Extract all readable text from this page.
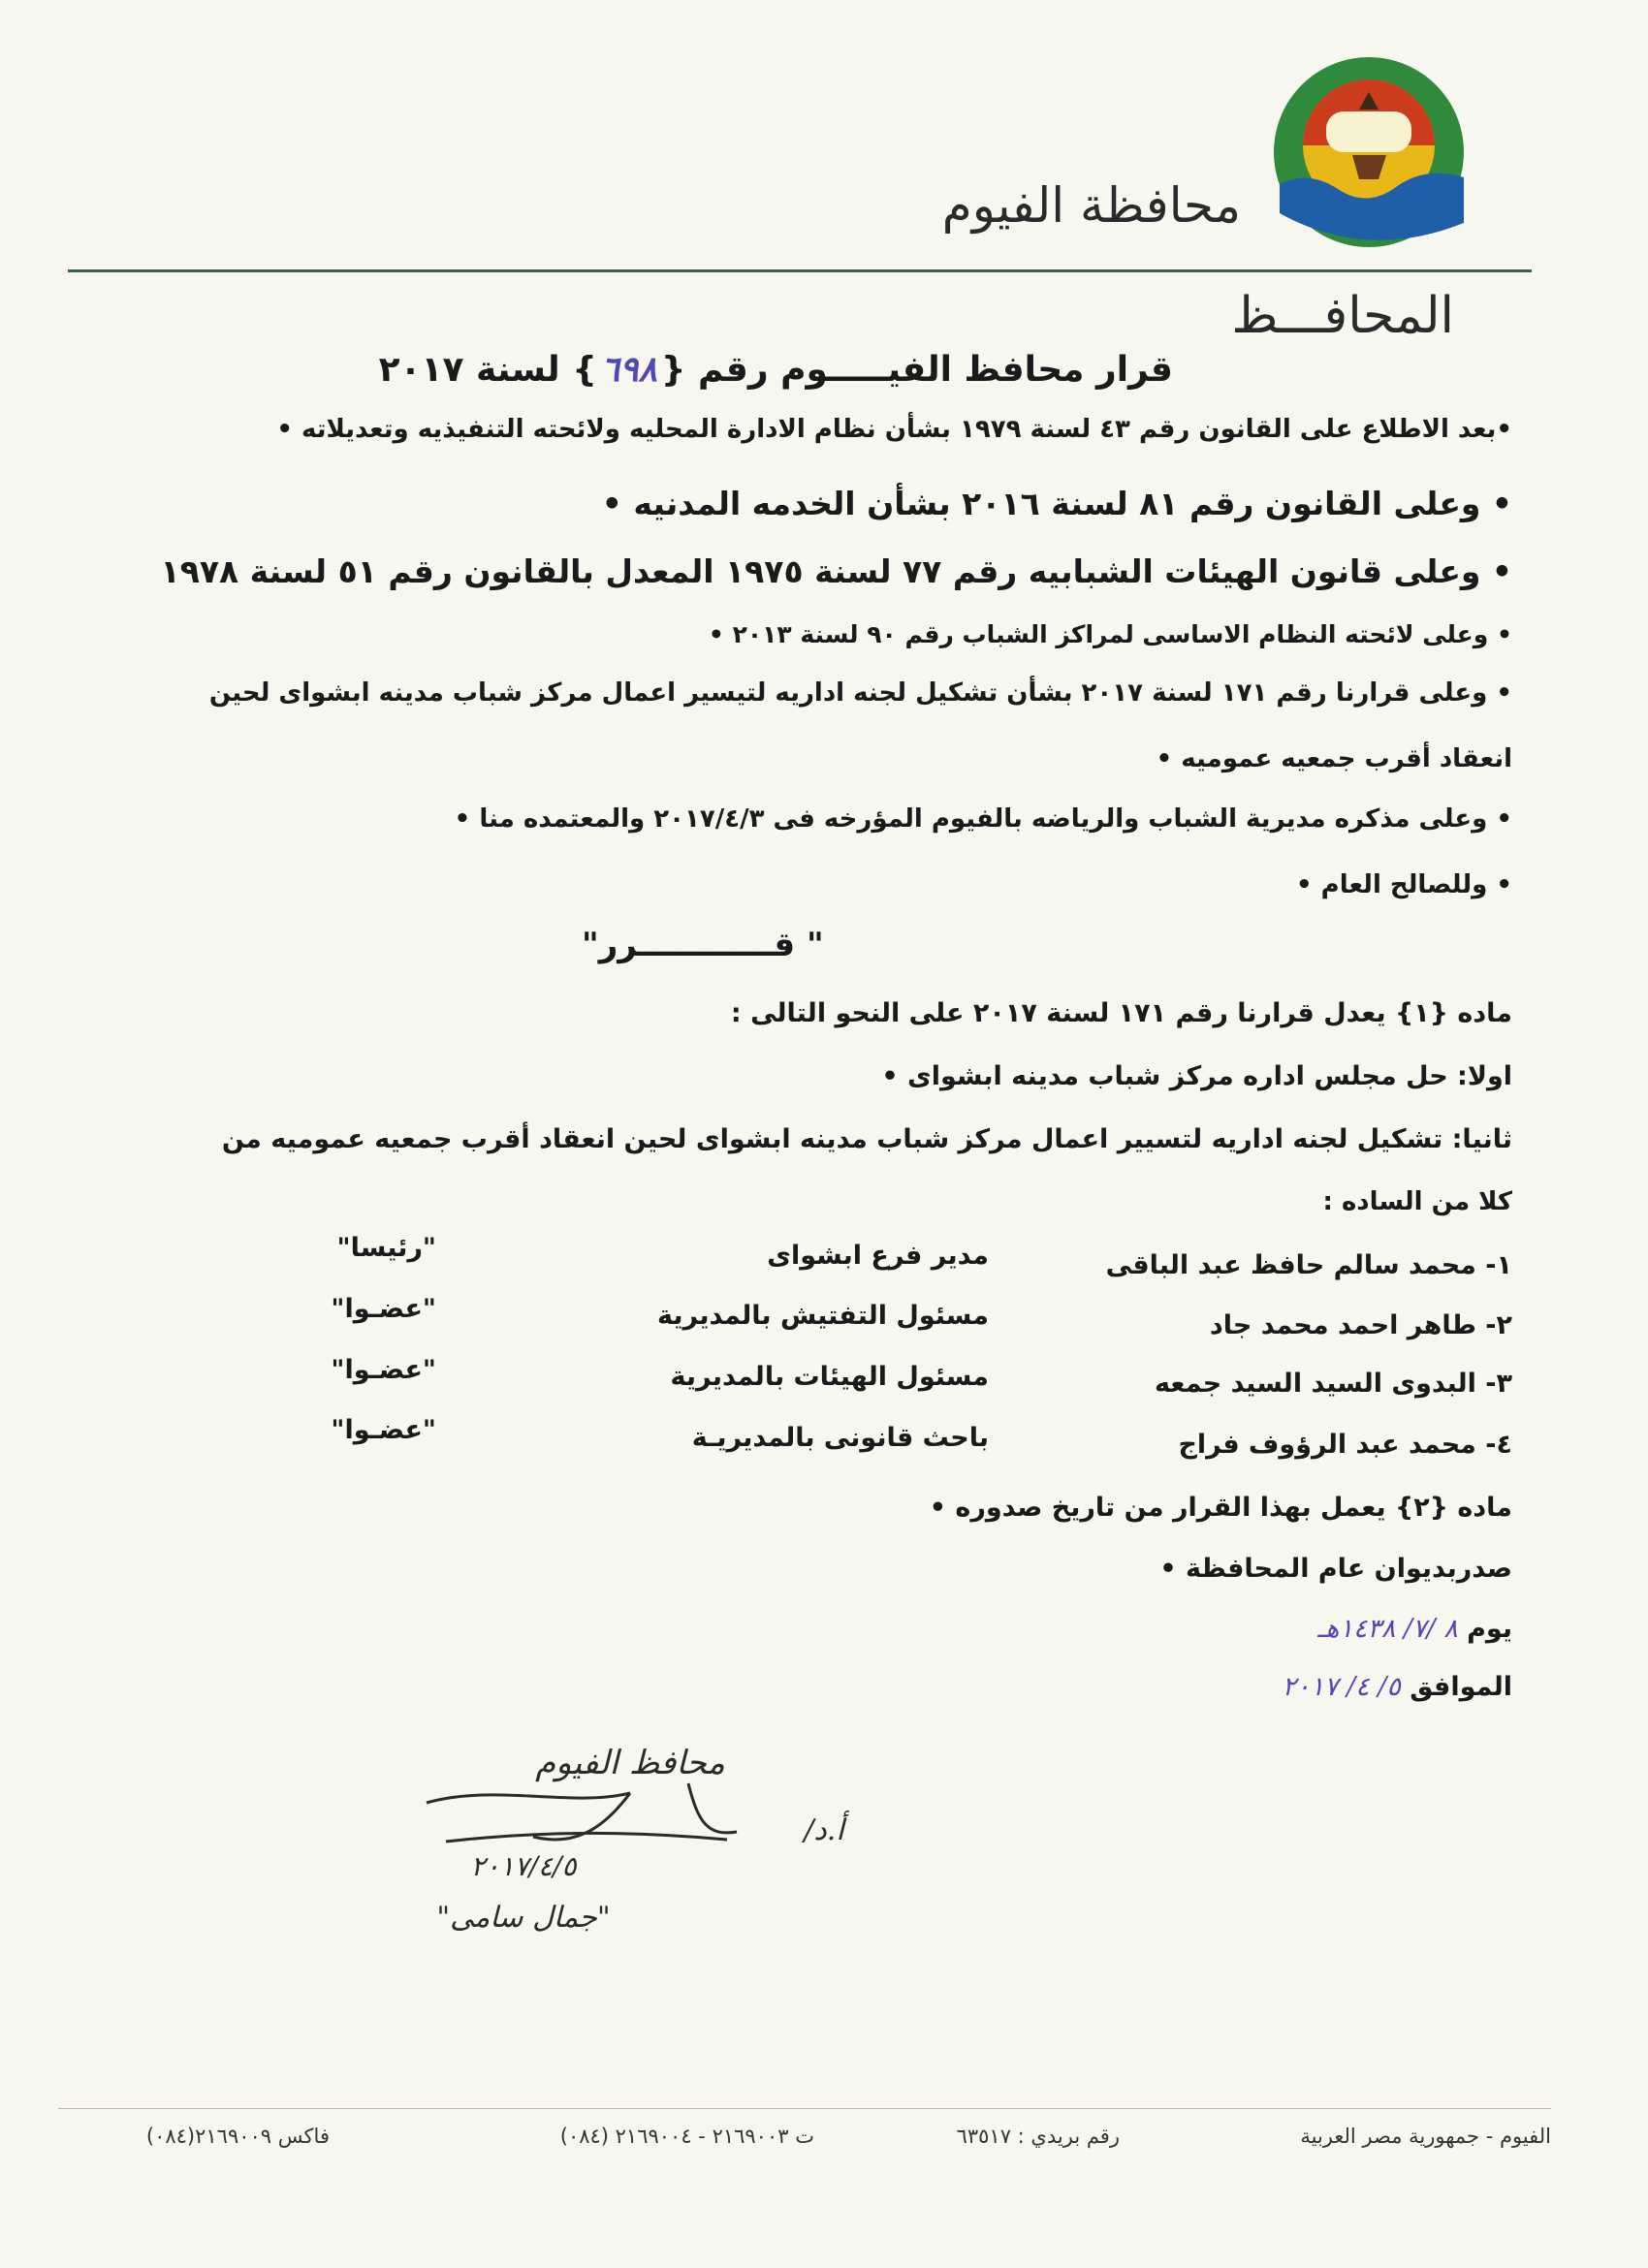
محافظة الفيوم
المحافـــظ
قرار محافظ الفيـــــوم رقم {٦٩٨} لسنة ٢٠١٧
•بعد الاطلاع على القانون رقم ٤٣ لسنة ١٩٧٩ بشأن نظام الادارة المحليه ولائحته التنفيذيه وتعديلاته •
• وعلى القانون رقم ٨١ لسنة ٢٠١٦ بشأن الخدمه المدنيه •
• وعلى قانون الهيئات الشبابيه رقم ٧٧ لسنة ١٩٧٥ المعدل بالقانون رقم ٥١ لسنة ١٩٧٨
• وعلى لائحته النظام الاساسى لمراكز الشباب رقم ٩٠ لسنة ٢٠١٣ •
• وعلى قرارنا رقم ١٧١ لسنة ٢٠١٧ بشأن تشكيل لجنه اداريه لتيسير اعمال مركز شباب مدينه ابشواى لحين
انعقاد أقرب جمعيه عموميه •
• وعلى مذكره مديرية الشباب والرياضه بالفيوم المؤرخه فى ٢٠١٧/٤/٣ والمعتمده منا •
• وللصالح العام •
" قــــــــــــرر"
ماده {١} يعدل قرارنا رقم ١٧١ لسنة ٢٠١٧ على النحو التالى :
اولا: حل مجلس اداره مركز شباب مدينه ابشواى •
ثانيا: تشكيل لجنه اداريه لتسيير اعمال مركز شباب مدينه ابشواى لحين انعقاد أقرب جمعيه عموميه من
كلا من الساده :
١- محمد سالم حافظ عبد الباقى
مدير فرع ابشواى
"رئيسا"
٢- طاهر احمد محمد جاد
مسئول التفتيش بالمديرية
"عضـوا"
٣- البدوى السيد السيد جمعه
مسئول الهيئات بالمديرية
"عضـوا"
٤- محمد عبد الرؤوف فراج
باحث قانونى بالمديريـة
"عضـوا"
ماده {٢} يعمل بهذا القرار من تاريخ صدوره •
صدربديوان عام المحافظة •
يوم ٨ /٧/ ١٤٣٨هـ
الموافق ٥/ ٤/ ٢٠١٧
محافظ الفيوم
أ.د/
٢٠١٧/٤/٥
"جمال سامى"
الفيوم - جمهورية مصر العربية
رقم بريدي : ٦٣٥١٧
ت ٢١٦٩٠٠٣ - ٢١٦٩٠٠٤ (٠٨٤)
فاكس ٢١٦٩٠٠٩(٠٨٤)
